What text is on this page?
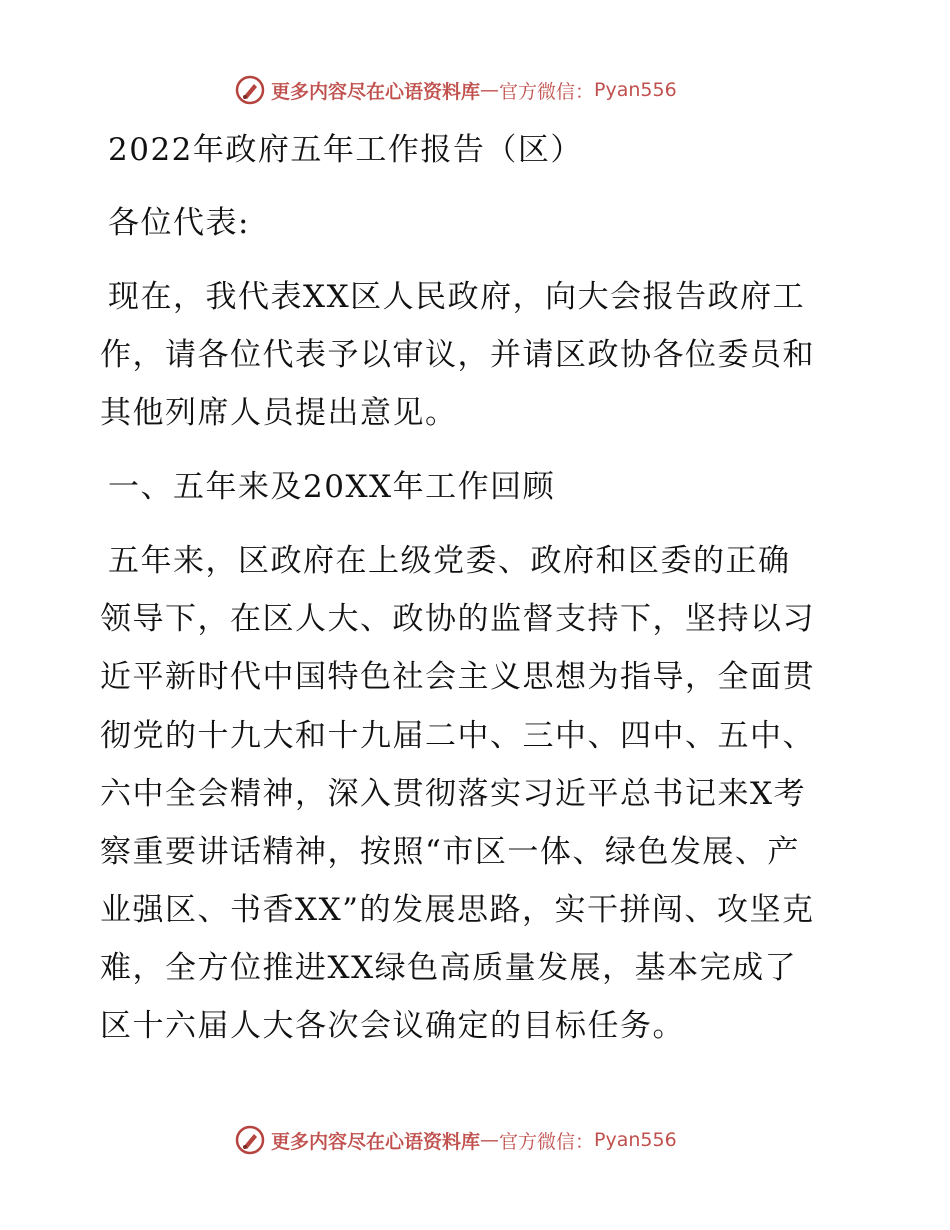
更多内容尽在心语资料库 — 官方微信： Pyan556
2022年政府五年工作报告（区）
各位代表:
现在，我代表XX区人民政府，向大会报告政府工
作，请各位代表予以审议，并请区政协各位委员和
其他列席人员提出意见。
一、五年来及20XX年工作回顾
五年来，区政府在上级党委、政府和区委的正确
领导下，在区人大、政协的监督支持下，坚持以习
近平新时代中国特色社会主义思想为指导，全面贯
彻党的十九大和十九届二中、三中、四中、五中、
六中全会精神，深入贯彻落实习近平总书记来X考
察重要讲话精神，按照“市区一体、绿色发展、产
业强区、书香XX”的发展思路，实干拼闯、攻坚克
难，全方位推进XX绿色高质量发展，基本完成了
区十六届人大各次会议确定的目标任务。
更多内容尽在心语资料库 — 官方微信： Pyan556
